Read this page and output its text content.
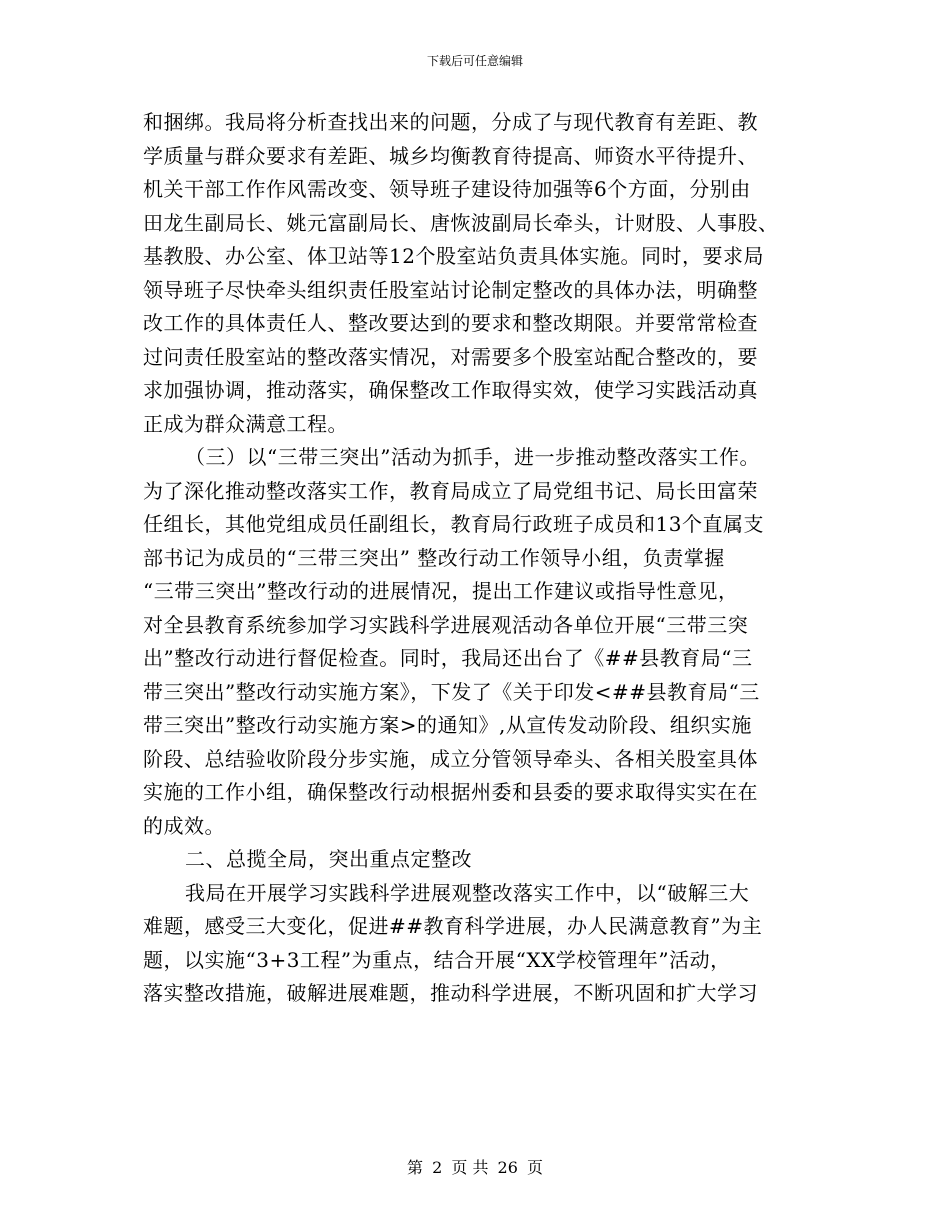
下载后可任意编辑
和捆绑。我局将分析查找出来的问题，分成了与现代教育有差距、教
学质量与群众要求有差距、城乡均衡教育待提高、师资水平待提升、
机关干部工作作风需改变、领导班子建设待加强等6个方面，分别由
田龙生副局长、姚元富副局长、唐恢波副局长牵头，计财股、人事股、
基教股、办公室、体卫站等12个股室站负责具体实施。同时，要求局
领导班子尽快牵头组织责任股室站讨论制定整改的具体办法，明确整
改工作的具体责任人、整改要达到的要求和整改期限。并要常常检查
过问责任股室站的整改落实情况，对需要多个股室站配合整改的，要
求加强协调，推动落实，确保整改工作取得实效，使学习实践活动真
正成为群众满意工程。
（三）以“三带三突出”活动为抓手，进一步推动整改落实工作。
为了深化推动整改落实工作，教育局成立了局党组书记、局长田富荣
任组长，其他党组成员任副组长，教育局行政班子成员和13个直属支
部书记为成员的“三带三突出” 整改行动工作领导小组，负责掌握
“三带三突出”整改行动的进展情况，提出工作建议或指导性意见，
对全县教育系统参加学习实践科学进展观活动各单位开展“三带三突
出”整改行动进行督促检查。同时，我局还出台了《##县教育局“三
带三突出”整改行动实施方案》，下发了《关于印发<##县教育局“三
带三突出”整改行动实施方案>的通知》,从宣传发动阶段、组织实施
阶段、总结验收阶段分步实施，成立分管领导牵头、各相关股室具体
实施的工作小组，确保整改行动根据州委和县委的要求取得实实在在
的成效。
二、总揽全局，突出重点定整改
我局在开展学习实践科学进展观整改落实工作中，以“破解三大
难题，感受三大变化，促进##教育科学进展，办人民满意教育”为主
题，以实施“3+3工程”为重点，结合开展“XX学校管理年”活动，
落实整改措施，破解进展难题，推动科学进展，不断巩固和扩大学习
第 2 页 共 26 页
